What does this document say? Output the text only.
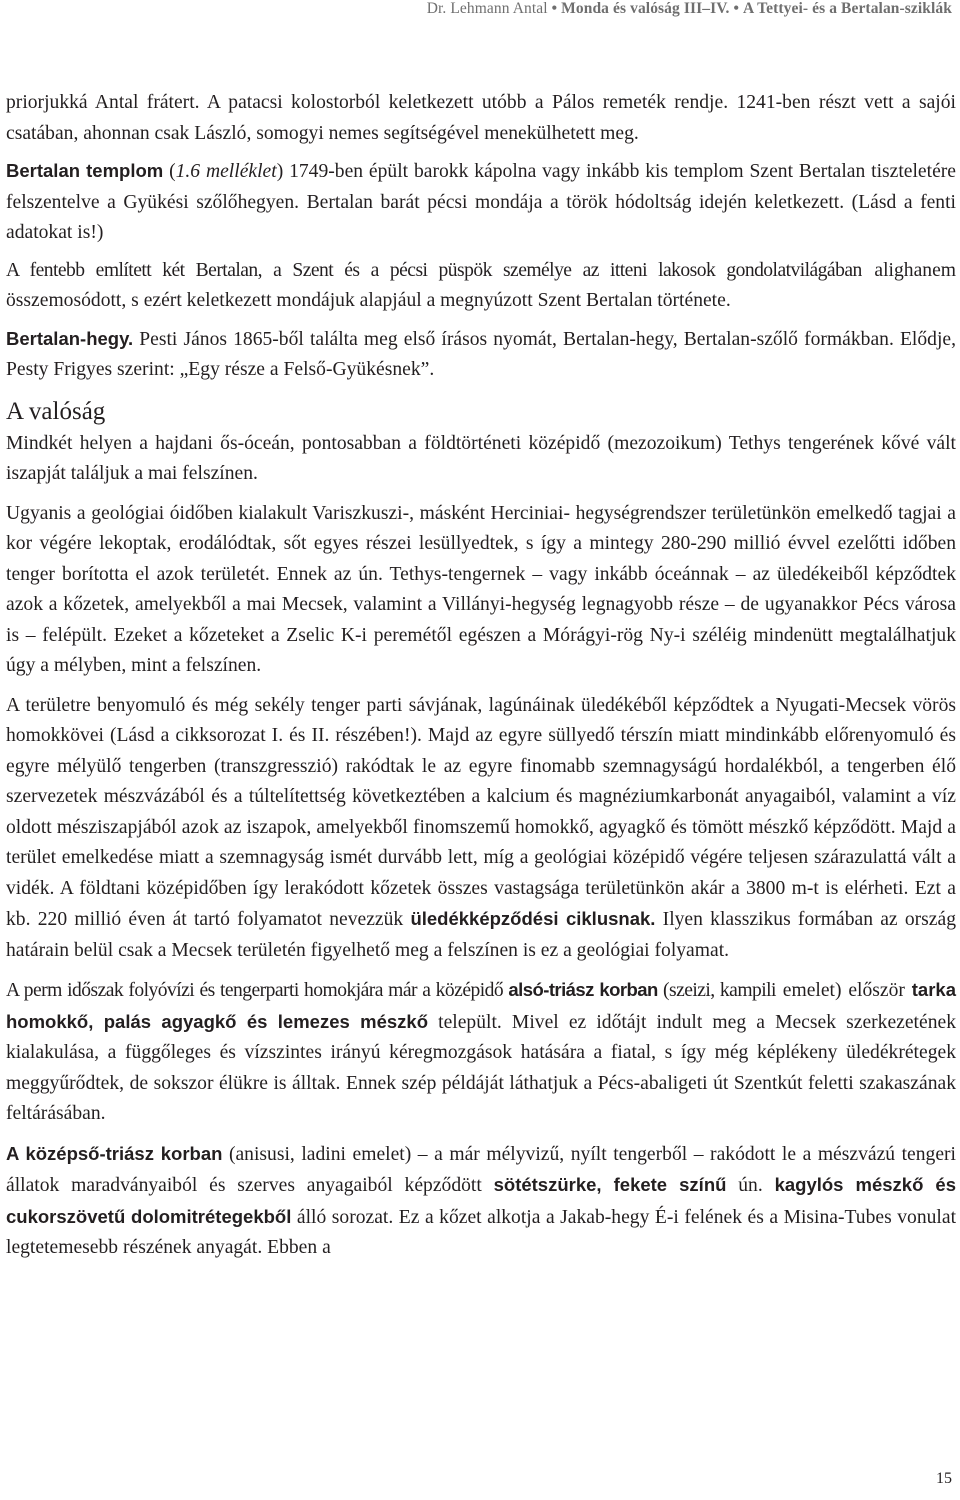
Dr. Lehmann Antal • Monda és valóság III–IV. • A Tettyei- és a Bertalan-sziklák

priorjukká Antal frátert. A patacsi kolostorból keletkezett utóbb a Pálos remeték rendje. 1241-ben részt vett a sajói csatában, ahonnan csak László, somogyi nemes segítségével menekülhetett meg.

Bertalan templom (1.6 melléklet) 1749-ben épült barokk kápolna vagy inkább kis templom Szent Bertalan tiszteletére felszentelve a Gyükési szőlőhegyen. Bertalan barát pécsi mondája a török hódoltság idején keletkezett. (Lásd a fenti adatokat is!)

A fentebb említett két Bertalan, a Szent és a pécsi püspök személye az itteni lakosok gondolatvilágában alighanem összemosódott, s ezért keletkezett mondájuk alapjául a megnyúzott Szent Bertalan története.

Bertalan-hegy. Pesti János 1865-ből találta meg első írásos nyomát, Bertalan-hegy, Bertalan-szőlő formákban. Elődje, Pesty Frigyes szerint: „Egy része a Felső-Gyükésnek”.

A valóság

Mindkét helyen a hajdani ős-óceán, pontosabban a földtörténeti középidő (mezozoikum) Tethys tengerének kővé vált iszapját találjuk a mai felszínen.

Ugyanis a geológiai óidőben kialakult Variszkuszi-, másként Herciniai- hegységrendszer területünkön emelkedő tagjai a kor végére lekoptak, erodálódtak, sőt egyes részei lesüllyedtek, s így a mintegy 280-290 millió évvel ezelőtti időben tenger borította el azok területét. Ennek az ún. Tethys-tengernek – vagy inkább óceánnak – az üledékeiből képződtek azok a kőzetek, amelyekből a mai Mecsek, valamint a Villányi-hegység legnagyobb része – de ugyanakkor Pécs városa is – felépült. Ezeket a kőzeteket a Zselic K-i peremétől egészen a Mórágyi-rög Ny-i széléig mindenütt megtalálhatjuk úgy a mélyben, mint a felszínen.

A területre benyomuló és még sekély tenger parti sávjának, lagúnáinak üledékéből képződtek a Nyugati-Mecsek vörös homokkövei (Lásd a cikksorozat I. és II. részében!). Majd az egyre süllyedő térszín miatt mindinkább előrenyomuló és egyre mélyülő tengerben (transzgresszió) rakódtak le az egyre finomabb szemnagyságú hordalékból, a tengerben élő szervezetek mészvázából és a túltelítettség következtében a kalcium és magnéziumkarbonát anyagaiból, valamint a víz oldott mésziszapjából azok az iszapok, amelyekből finomszemű homokkő, agyagkő és tömött mészkő képződött. Majd a terület emelkedése miatt a szemnagyság ismét durvább lett, míg a geológiai középidő végére teljesen szárazulattá vált a vidék. A földtani középidőben így lerakódott kőzetek összes vastagsága területünkön akár a 3800 m-t is elérheti. Ezt a kb. 220 millió éven át tartó folyamatot nevezzük üledékképződési ciklusnak. Ilyen klasszikus formában az ország határain belül csak a Mecsek területén figyelhető meg a felszínen is ez a geológiai folyamat.

A perm időszak folyóvízi és tengerparti homokjára már a középidő alsó-triász korban (szeizi, kampili emelet) először tarka homokkő, palás agyagkő és lemezes mészkő települt. Mivel ez időtájt indult meg a Mecsek szerkezetének kialakulása, a függőleges és vízszintes irányú kéregmozgások hatására a fiatal, s így még képlékeny üledékrétegek meggyűrődtek, de sokszor élükre is álltak. Ennek szép példáját láthatjuk a Pécs-abaligeti út Szentkút feletti szakaszának feltárásában.

A középső-triász korban (anisusi, ladini emelet) – a már mélyvizű, nyílt tengerből – rakódott le a mészvázú tengeri állatok maradványaiból és szerves anyagaiból képződött sötétszürke, fekete színű ún. kagylós mészkő és cukorszövetű dolomitrétegekből álló sorozat. Ez a kőzet alkotja a Jakab-hegy É-i felének és a Misina-Tubes vonulat legtetemesebb részének anyagát. Ebben a

15
